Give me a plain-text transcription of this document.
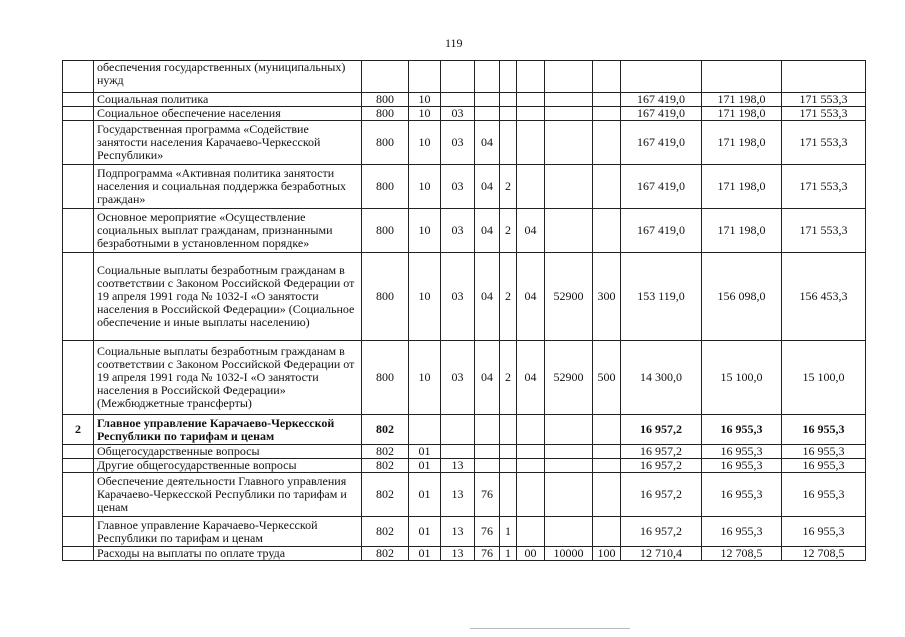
119
	обеспечения государственных (муниципальных) нужд											
	Социальная политика	800	10							167 419,0	171 198,0	171 553,3
	Социальное обеспечение населения	800	10	03						167 419,0	171 198,0	171 553,3
	Государственная программа «Содействие занятости населения Карачаево-Черкесской Республики»	800	10	03	04					167 419,0	171 198,0	171 553,3
	Подпрограмма «Активная политика занятости населения и социальная поддержка безработных граждан»	800	10	03	04	2				167 419,0	171 198,0	171 553,3
	Основное мероприятие «Осуществление социальных выплат гражданам, признанными безработными в установленном порядке»	800	10	03	04	2	04			167 419,0	171 198,0	171 553,3
	Социальные выплаты безработным гражданам в соответствии с Законом Российской Федерации от 19 апреля 1991 года № 1032-I «О занятости населения в Российской Федерации» (Социальное обеспечение и иные выплаты населению)	800	10	03	04	2	04	52900	300	153 119,0	156 098,0	156 453,3
	Социальные выплаты безработным гражданам в соответствии с Законом Российской Федерации от 19 апреля 1991 года № 1032-I «О занятости населения в Российской Федерации» (Межбюджетные трансферты)	800	10	03	04	2	04	52900	500	14 300,0	15 100,0	15 100,0
2	Главное управление Карачаево-Черкесской Республики по тарифам и ценам	802								16 957,2	16 955,3	16 955,3
	Общегосударственные вопросы	802	01							16 957,2	16 955,3	16 955,3
	Другие общегосударственные вопросы	802	01	13						16 957,2	16 955,3	16 955,3
	Обеспечение деятельности Главного управления Карачаево-Черкесской Республики по тарифам и ценам	802	01	13	76					16 957,2	16 955,3	16 955,3
	Главное управление Карачаево-Черкесской Республики по тарифам и ценам	802	01	13	76	1				16 957,2	16 955,3	16 955,3
	Расходы на выплаты по оплате труда	802	01	13	76	1	00	10000	100	12 710,4	12 708,5	12 708,5
